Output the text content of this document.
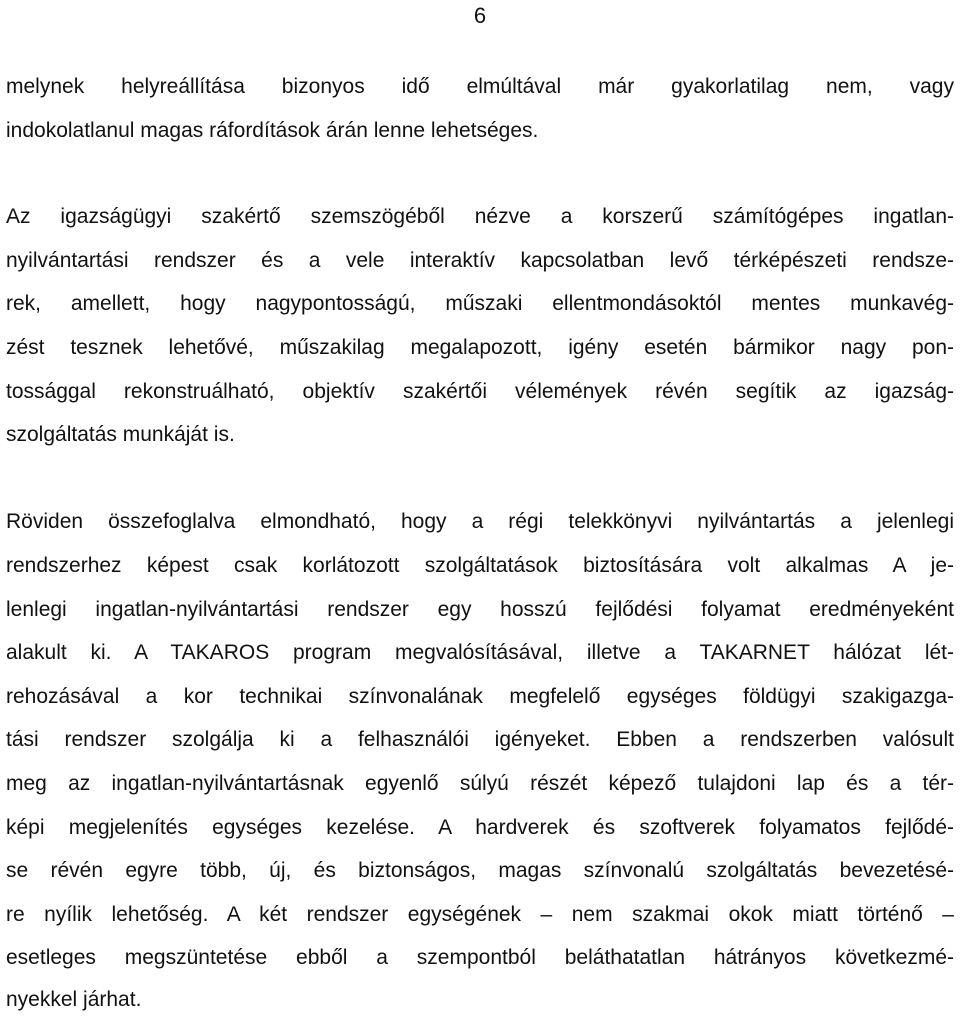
6
melynek helyreállítása bizonyos idő elmúltával már gyakorlatilag nem, vagy
indokolatlanul magas ráfordítások árán lenne lehetséges.
Az igazságügyi szakértő szemszögéből nézve a korszerű számítógépes ingatlan-
nyilvántartási rendszer és a vele interaktív kapcsolatban levő térképészeti rendsze-
rek, amellett, hogy nagypontosságú, műszaki ellentmondásoktól mentes munkavég-
zést tesznek lehetővé, műszakilag megalapozott, igény esetén bármikor nagy pon-
tossággal rekonstruálható, objektív szakértői vélemények révén segítik az igazság-
szolgáltatás munkáját is.
Röviden összefoglalva elmondható, hogy a régi telekkönyvi nyilvántartás a jelenlegi
rendszerhez képest csak korlátozott szolgáltatások biztosítására volt alkalmas A je-
lenlegi ingatlan-nyilvántartási rendszer egy hosszú fejlődési folyamat eredményeként
alakult ki. A TAKAROS program megvalósításával, illetve a TAKARNET hálózat lét-
rehozásával a kor technikai színvonalának megfelelő egységes földügyi szakigazga-
tási rendszer szolgálja ki a felhasználói igényeket. Ebben a rendszerben valósult
meg az ingatlan-nyilvántartásnak egyenlő súlyú részét képező tulajdoni lap és a tér-
képi megjelenítés egységes kezelése. A hardverek és szoftverek folyamatos fejlődé-
se révén egyre több, új, és biztonságos, magas színvonalú szolgáltatás bevezetésé-
re nyílik lehetőség. A két rendszer egységének – nem szakmai okok miatt történő –
esetleges megszüntetése ebből a szempontból beláthatatlan hátrányos következmé-
nyekkel járhat.
